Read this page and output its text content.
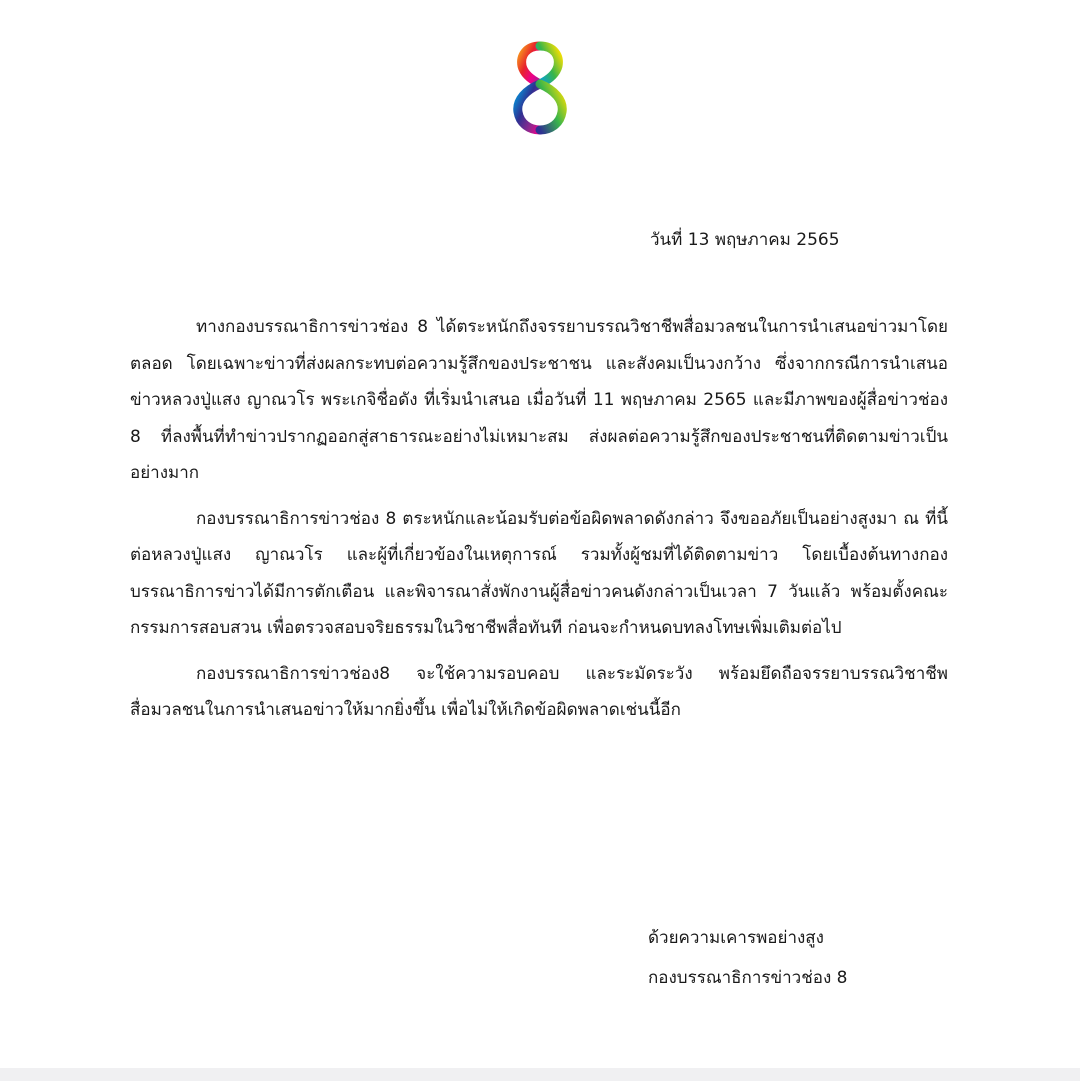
วันที่ 13 พฤษภาคม 2565

ทางกองบรรณาธิการข่าวช่อง 8 ได้ตระหนักถึงจรรยาบรรณวิชาชีพสื่อมวลชนในการนำเสนอข่าวมาโดยตลอด โดยเฉพาะข่าวที่ส่งผลกระทบต่อความรู้สึกของประชาชน และสังคมเป็นวงกว้าง ซึ่งจากกรณีการนำเสนอข่าวหลวงปู่แสง ญาณวโร พระเกจิชื่อดัง ที่เริ่มนำเสนอ เมื่อวันที่ 11 พฤษภาคม 2565 และมีภาพของผู้สื่อข่าวช่อง 8 ที่ลงพื้นที่ทำข่าวปรากฏออกสู่สาธารณะอย่างไม่เหมาะสม ส่งผลต่อความรู้สึกของประชาชนที่ติดตามข่าวเป็นอย่างมาก

กองบรรณาธิการข่าวช่อง 8 ตระหนักและน้อมรับต่อข้อผิดพลาดดังกล่าว จึงขออภัยเป็นอย่างสูงมา ณ ที่นี้ ต่อหลวงปู่แสง ญาณวโร และผู้ที่เกี่ยวข้องในเหตุการณ์ รวมทั้งผู้ชมที่ได้ติดตามข่าว โดยเบื้องต้นทางกองบรรณาธิการข่าวได้มีการตักเตือน และพิจารณาสั่งพักงานผู้สื่อข่าวคนดังกล่าวเป็นเวลา 7 วันแล้ว พร้อมตั้งคณะกรรมการสอบสวน เพื่อตรวจสอบจริยธรรมในวิชาชีพสื่อทันที ก่อนจะกำหนดบทลงโทษเพิ่มเติมต่อไป

กองบรรณาธิการข่าวช่อง8 จะใช้ความรอบคอบ และระมัดระวัง พร้อมยึดถือจรรยาบรรณวิชาชีพสื่อมวลชนในการนำเสนอข่าวให้มากยิ่งขึ้น เพื่อไม่ให้เกิดข้อผิดพลาดเช่นนี้อีก

ด้วยความเคารพอย่างสูง
กองบรรณาธิการข่าวช่อง 8
